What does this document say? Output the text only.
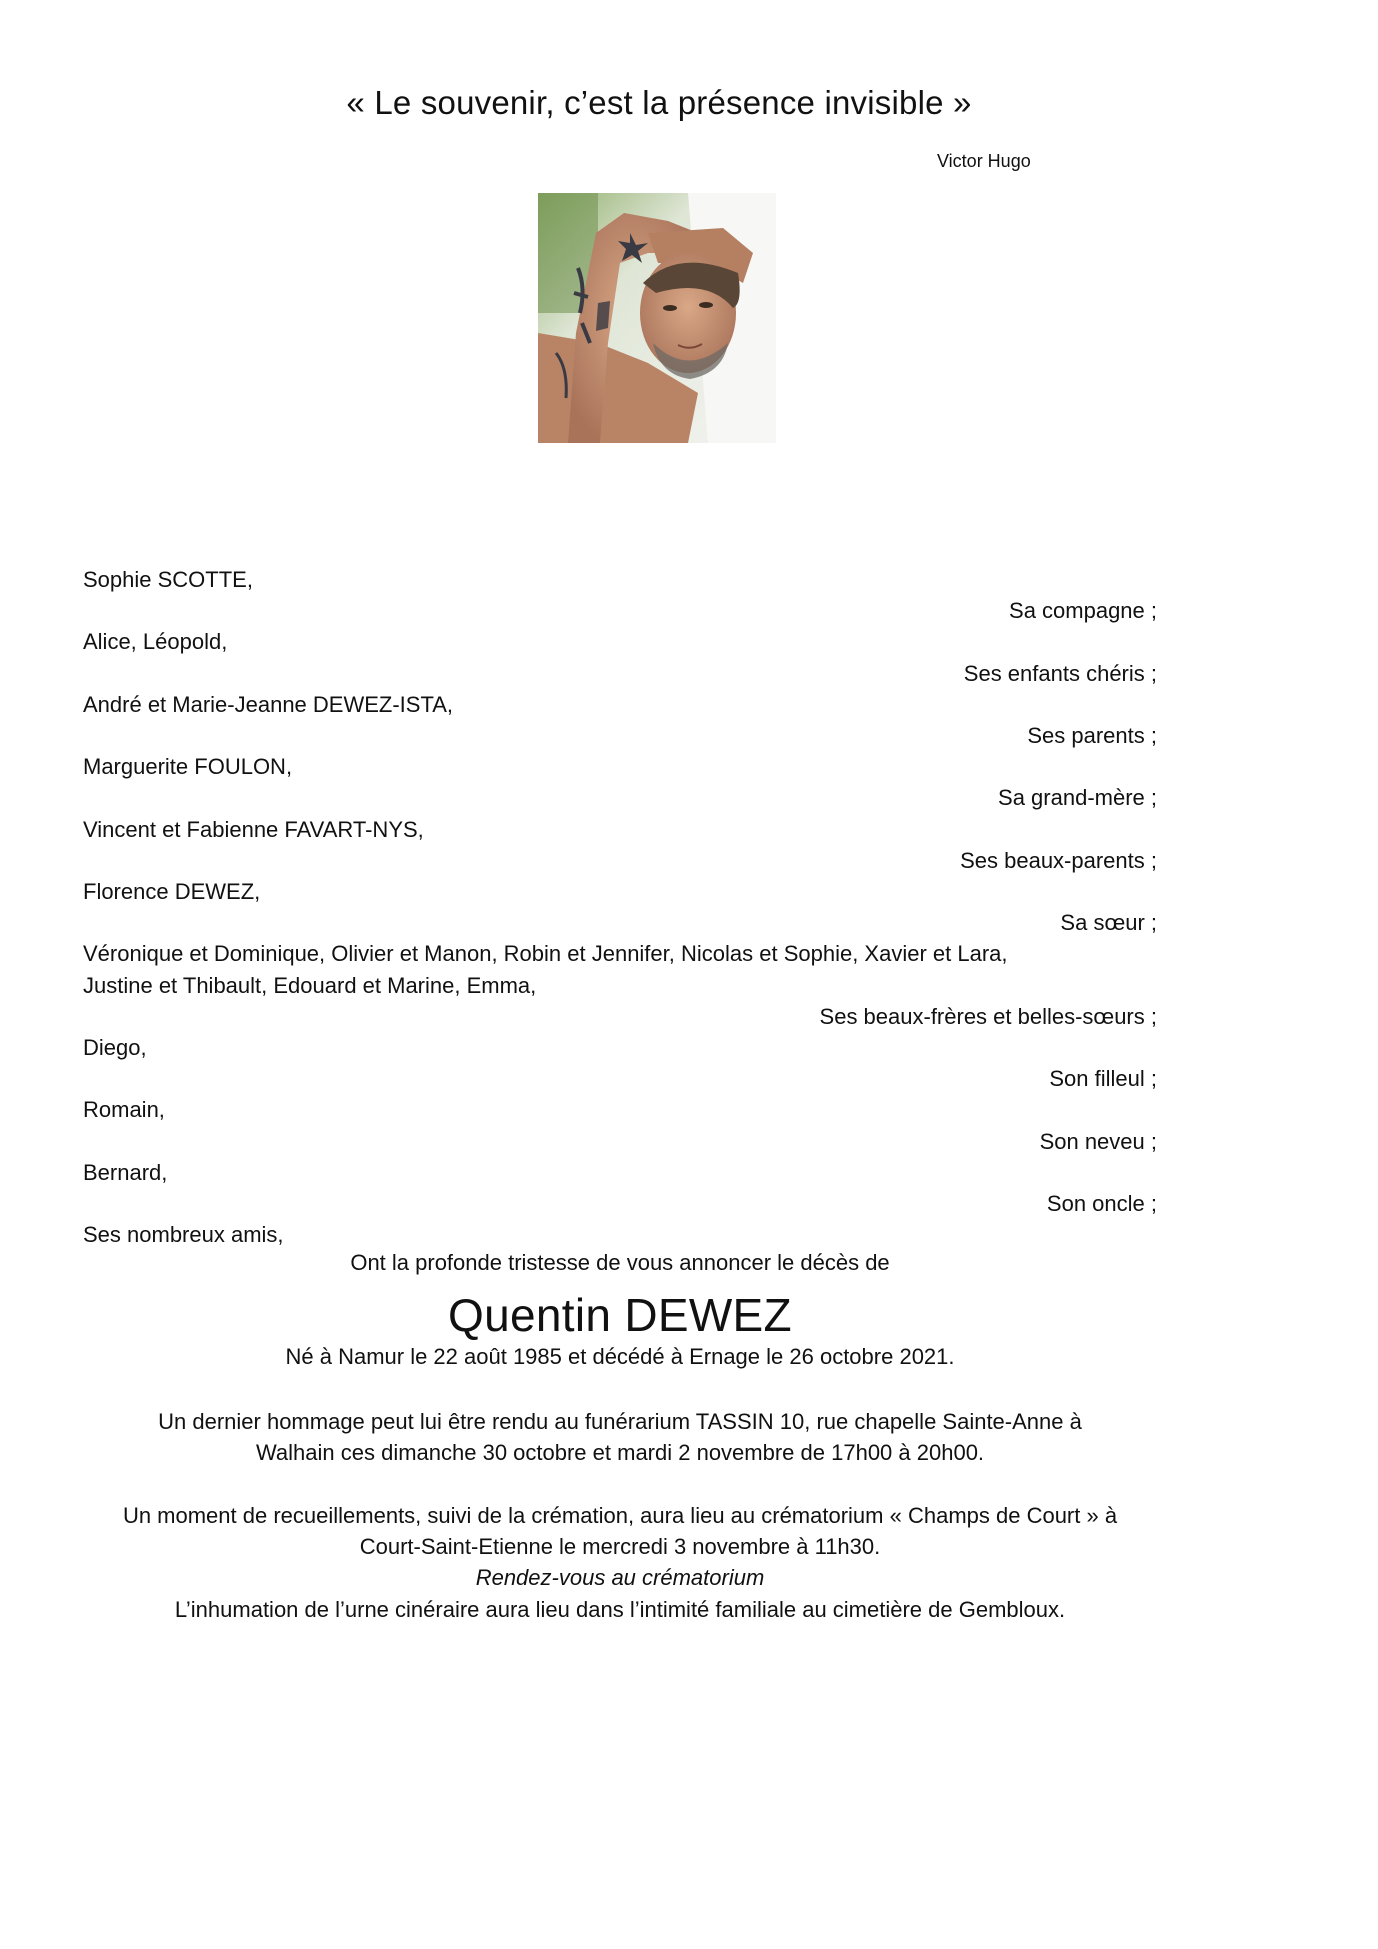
« Le souvenir, c’est la présence invisible »
Victor Hugo
Sophie SCOTTE,
Sa compagne ;
Alice, Léopold,
Ses enfants chéris ;
André et Marie-Jeanne DEWEZ-ISTA,
Ses parents ;
Marguerite FOULON,
Sa grand-mère ;
Vincent et Fabienne FAVART-NYS,
Ses beaux-parents ;
Florence DEWEZ,
Sa sœur ;
Véronique et Dominique, Olivier et Manon, Robin et Jennifer, Nicolas et Sophie, Xavier et Lara,
Justine et Thibault, Edouard et Marine, Emma,
Ses beaux-frères et belles-sœurs ;
Diego,
Son filleul ;
Romain,
Son neveu ;
Bernard,
Son oncle ;
Ses nombreux amis,
Ont la profonde tristesse de vous annoncer le décès de
Quentin DEWEZ
Né à Namur le 22 août 1985 et décédé à Ernage le 26 octobre 2021.
Un dernier hommage peut lui être rendu au funérarium TASSIN 10, rue chapelle Sainte-Anne à
Walhain ces dimanche 30 octobre et mardi 2 novembre de 17h00 à 20h00.
Un moment de recueillements, suivi de la crémation, aura lieu au crématorium « Champs de Court » à
Court-Saint-Etienne le mercredi 3 novembre à 11h30.
Rendez-vous au crématorium
L’inhumation de l’urne cinéraire aura lieu dans l’intimité familiale au cimetière de Gembloux.
